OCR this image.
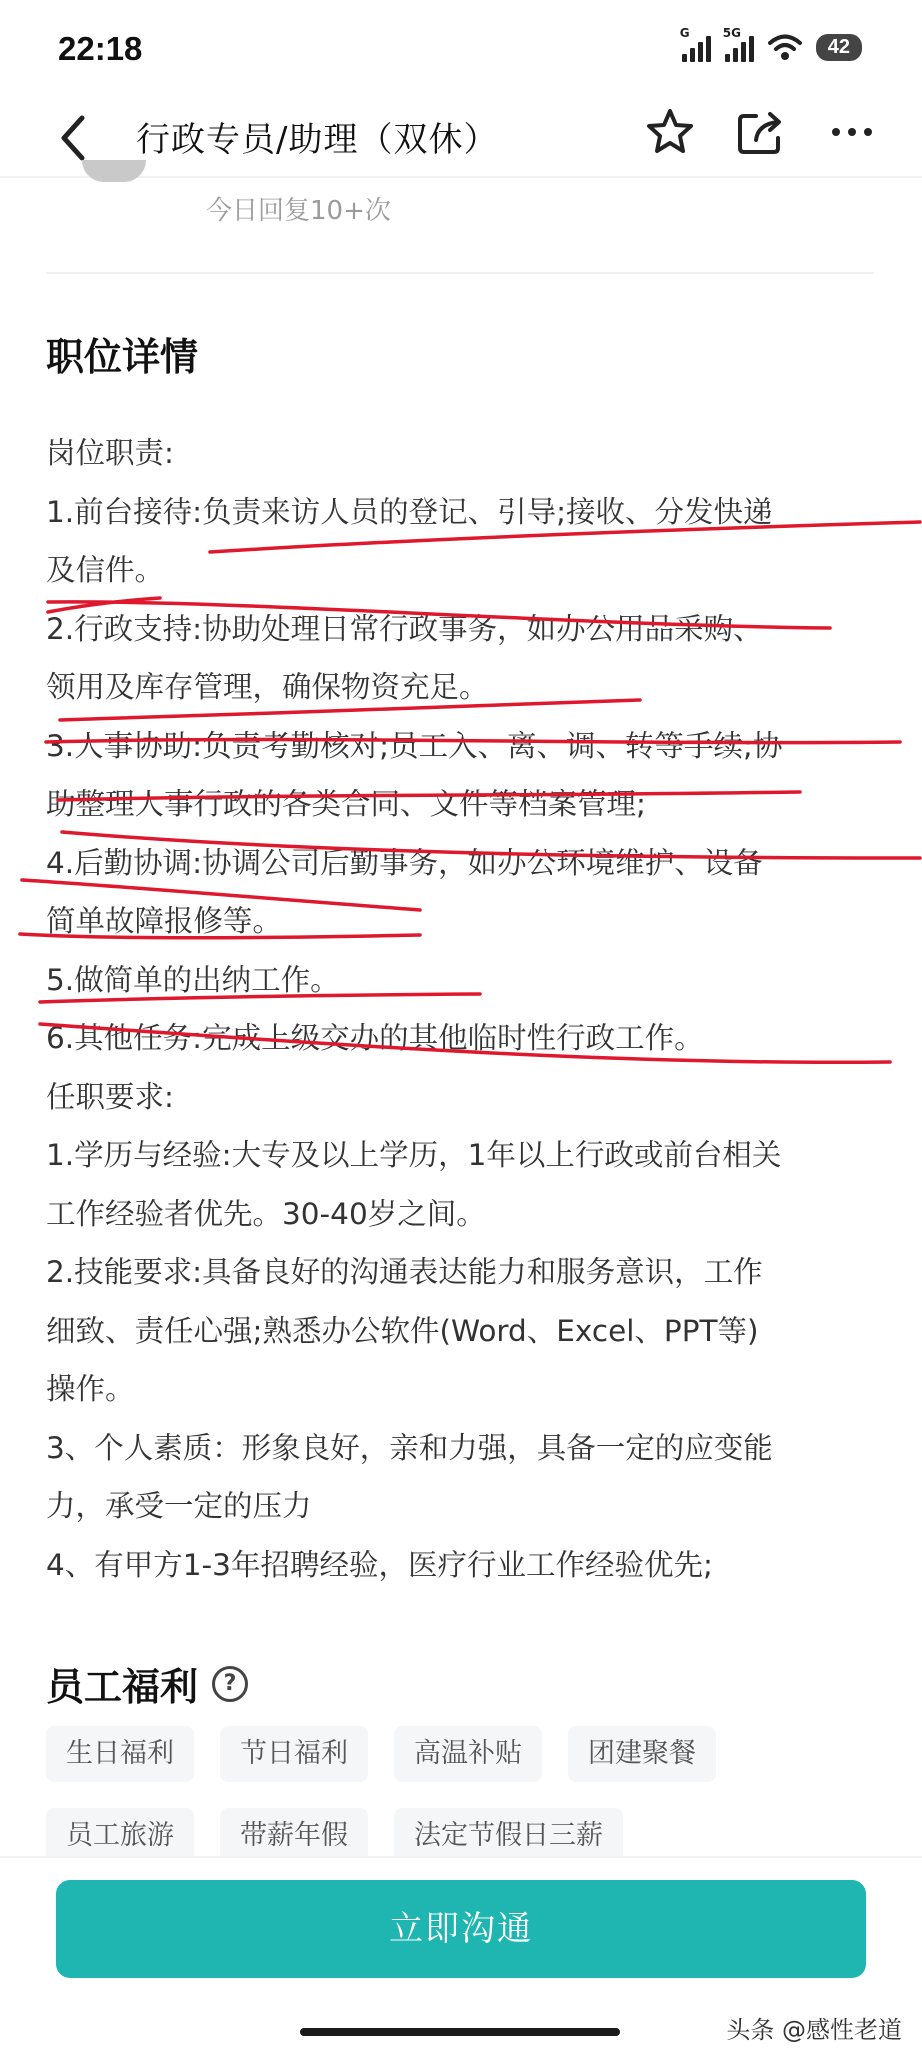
22:18	G	5G
42
行政专员/助理（双休）
今日回复10+次
职位详情

岗位职责:

1.前台接待:负责来访人员的登记、引导;接收、分发快递

及信件。

2.行政支持:协助处理日常行政事务，如办公用品采购、

领用及库存管理，确保物资充足。

3.人事协助:负责考勤核对;员工入、离、调、转等手续;协

助整理人事行政的各类合同、文件等档案管理;

4.后勤协调:协调公司后勤事务，如办公环境维护、设备

简单故障报修等。

5.做简单的出纳工作。

6.其他任务:完成上级交办的其他临时性行政工作。

任职要求:

1.学历与经验:大专及以上学历，1年以上行政或前台相关

工作经验者优先。30-40岁之间。

2.技能要求:具备良好的沟通表达能力和服务意识，工作

细致、责任心强;熟悉办公软件(Word、Excel、PPT等)

操作。

3、个人素质：形象良好，亲和力强，具备一定的应变能

力，承受一定的压力

4、有甲方1-3年招聘经验，医疗行业工作经验优先;

员工福利	?
生日福利	节日福利	高温补贴	团建聚餐
员工旅游	带薪年假	法定节假日三薪
立即沟通
头条 @感性老道
